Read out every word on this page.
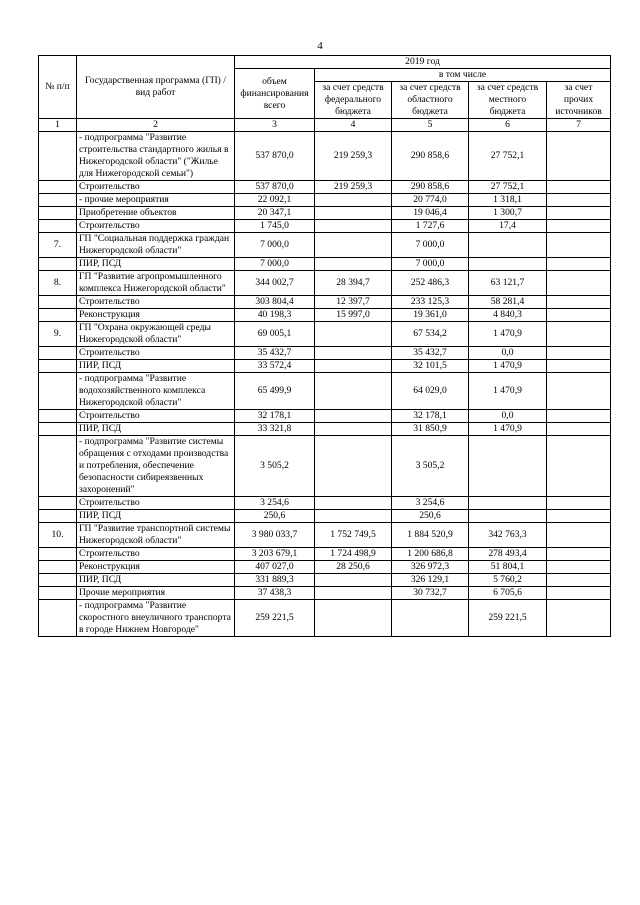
4
№ п/п	Государственная программа (ГП) / вид работ	2019 год				
		объем финансирования всего	в том числе			
			за счет средств федерального бюджета	за счет средств областного бюджета	за счет средств местного бюджета	за счет прочих источников
1	2	3	4	5	6	7
	- подпрограмма "Развитие строительства стандартного жилья в Нижегородской области" ("Жилье для Нижегородской семьи")	537 870,0	219 259,3	290 858,6	27 752,1	
	Строительство	537 870,0	219 259,3	290 858,6	27 752,1	
	- прочие мероприятия	22 092,1		20 774,0	1 318,1	
	Приобретение объектов	20 347,1		19 046,4	1 300,7	
	Строительство	1 745,0		1 727,6	17,4	
7.	ГП "Социальная поддержка граждан Нижегородской области"	7 000,0		7 000,0		
	ПИР, ПСД	7 000,0		7 000,0		
8.	ГП "Развитие агропромышленного комплекса Нижегородской области"	344 002,7	28 394,7	252 486,3	63 121,7	
	Строительство	303 804,4	12 397,7	233 125,3	58 281,4	
	Реконструкция	40 198,3	15 997,0	19 361,0	4 840,3	
9.	ГП "Охрана окружающей среды Нижегородской области"	69 005,1		67 534,2	1 470,9	
	Строительство	35 432,7		35 432,7	0,0	
	ПИР, ПСД	33 572,4		32 101,5	1 470,9	
	- подпрограмма "Развитие водохозяйственного комплекса Нижегородской области"	65 499,9		64 029,0	1 470,9	
	Строительство	32 178,1		32 178,1	0,0	
	ПИР, ПСД	33 321,8		31 850,9	1 470,9	
	- подпрограмма "Развитие системы обращения с отходами производства и потребления, обеспечение безопасности сибиреязвенных захоронений"	3 505,2		3 505,2		
	Строительство	3 254,6		3 254,6		
	ПИР, ПСД	250,6		250,6		
10.	ГП "Развитие транспортной системы Нижегородской области"	3 980 033,7	1 752 749,5	1 884 520,9	342 763,3	
	Строительство	3 203 679,1	1 724 498,9	1 200 686,8	278 493,4	
	Реконструкция	407 027,0	28 250,6	326 972,3	51 804,1	
	ПИР, ПСД	331 889,3		326 129,1	5 760,2	
	Прочие мероприятия	37 438,3		30 732,7	6 705,6	
	- подпрограмма "Развитие скоростного внеуличного транспорта в городе Нижнем Новгороде"	259 221,5			259 221,5	
